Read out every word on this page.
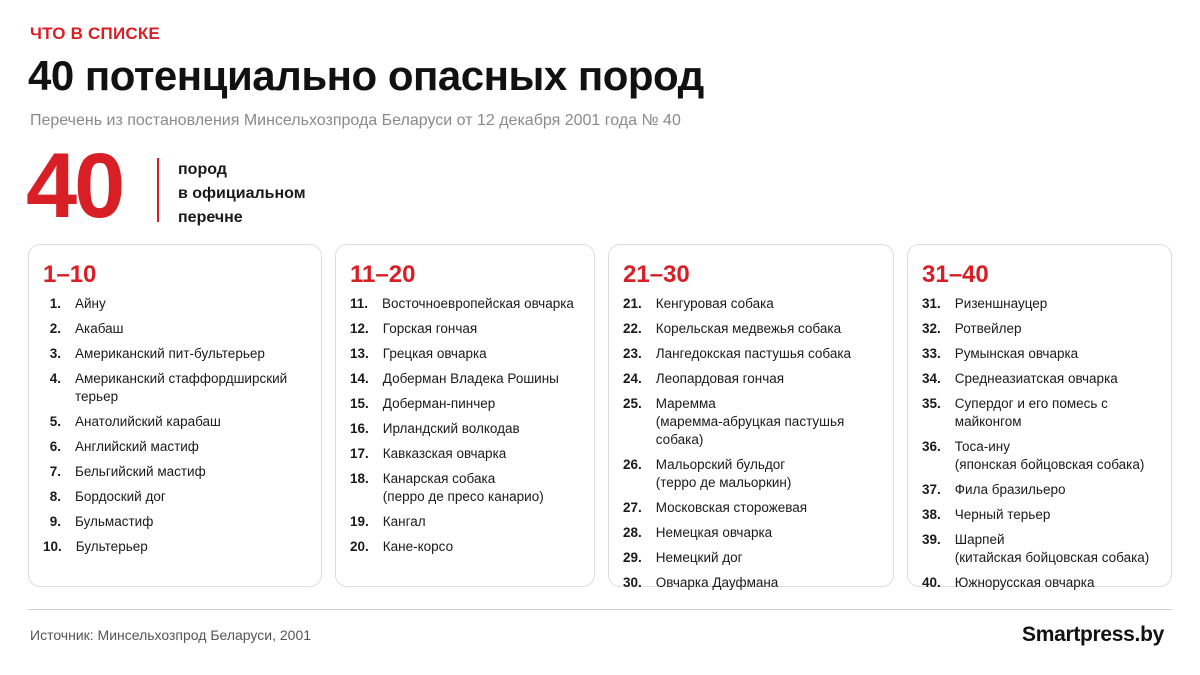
ЧТО В СПИСКЕ
40 потенциально опасных пород
Перечень из постановления Минсельхозпрода Беларуси от 12 декабря 2001 года № 40
40	пород
в официальном
перечне
1–10
1.	Айну
2.	Акабаш
3.	Американский пит-бультерьер
4.	Американский стаффордширский
терьер
5.	Анатолийский карабаш
6.	Английский мастиф
7.	Бельгийский мастиф
8.	Бордоский дог
9.	Бульмастиф
10.	Бультерьер
11–20
11.	Восточноевропейская овчарка
12.	Горская гончая
13.	Грецкая овчарка
14.	Доберман Владека Рошины
15.	Доберман-пинчер
16.	Ирландский волкодав
17.	Кавказская овчарка
18.	Канарская собака
(перро де пресо канарио)
19.	Кангал
20.	Кане-корсо
21–30
21.	Кенгуровая собака
22.	Корельская медвежья собака
23.	Лангедокская пастушья собака
24.	Леопардовая гончая
25.	Маремма
(маремма-абруцкая пастушья собака)
26.	Мальорский бульдог
(терро де мальоркин)
27.	Московская сторожевая
28.	Немецкая овчарка
29.	Немецкий дог
30.	Овчарка Дауфмана
31–40
31.	Ризеншнауцер
32.	Ротвейлер
33.	Румынская овчарка
34.	Среднеазиатская овчарка
35.	Супердог и его помесь с майконгом
36.	Тоса-ину
(японская бойцовская собака)
37.	Фила бразильеро
38.	Черный терьер
39.	Шарпей
(китайская бойцовская собака)
40.	Южнорусская овчарка
Источник: Минсельхозпрод Беларуси, 2001	Smartpress.by
